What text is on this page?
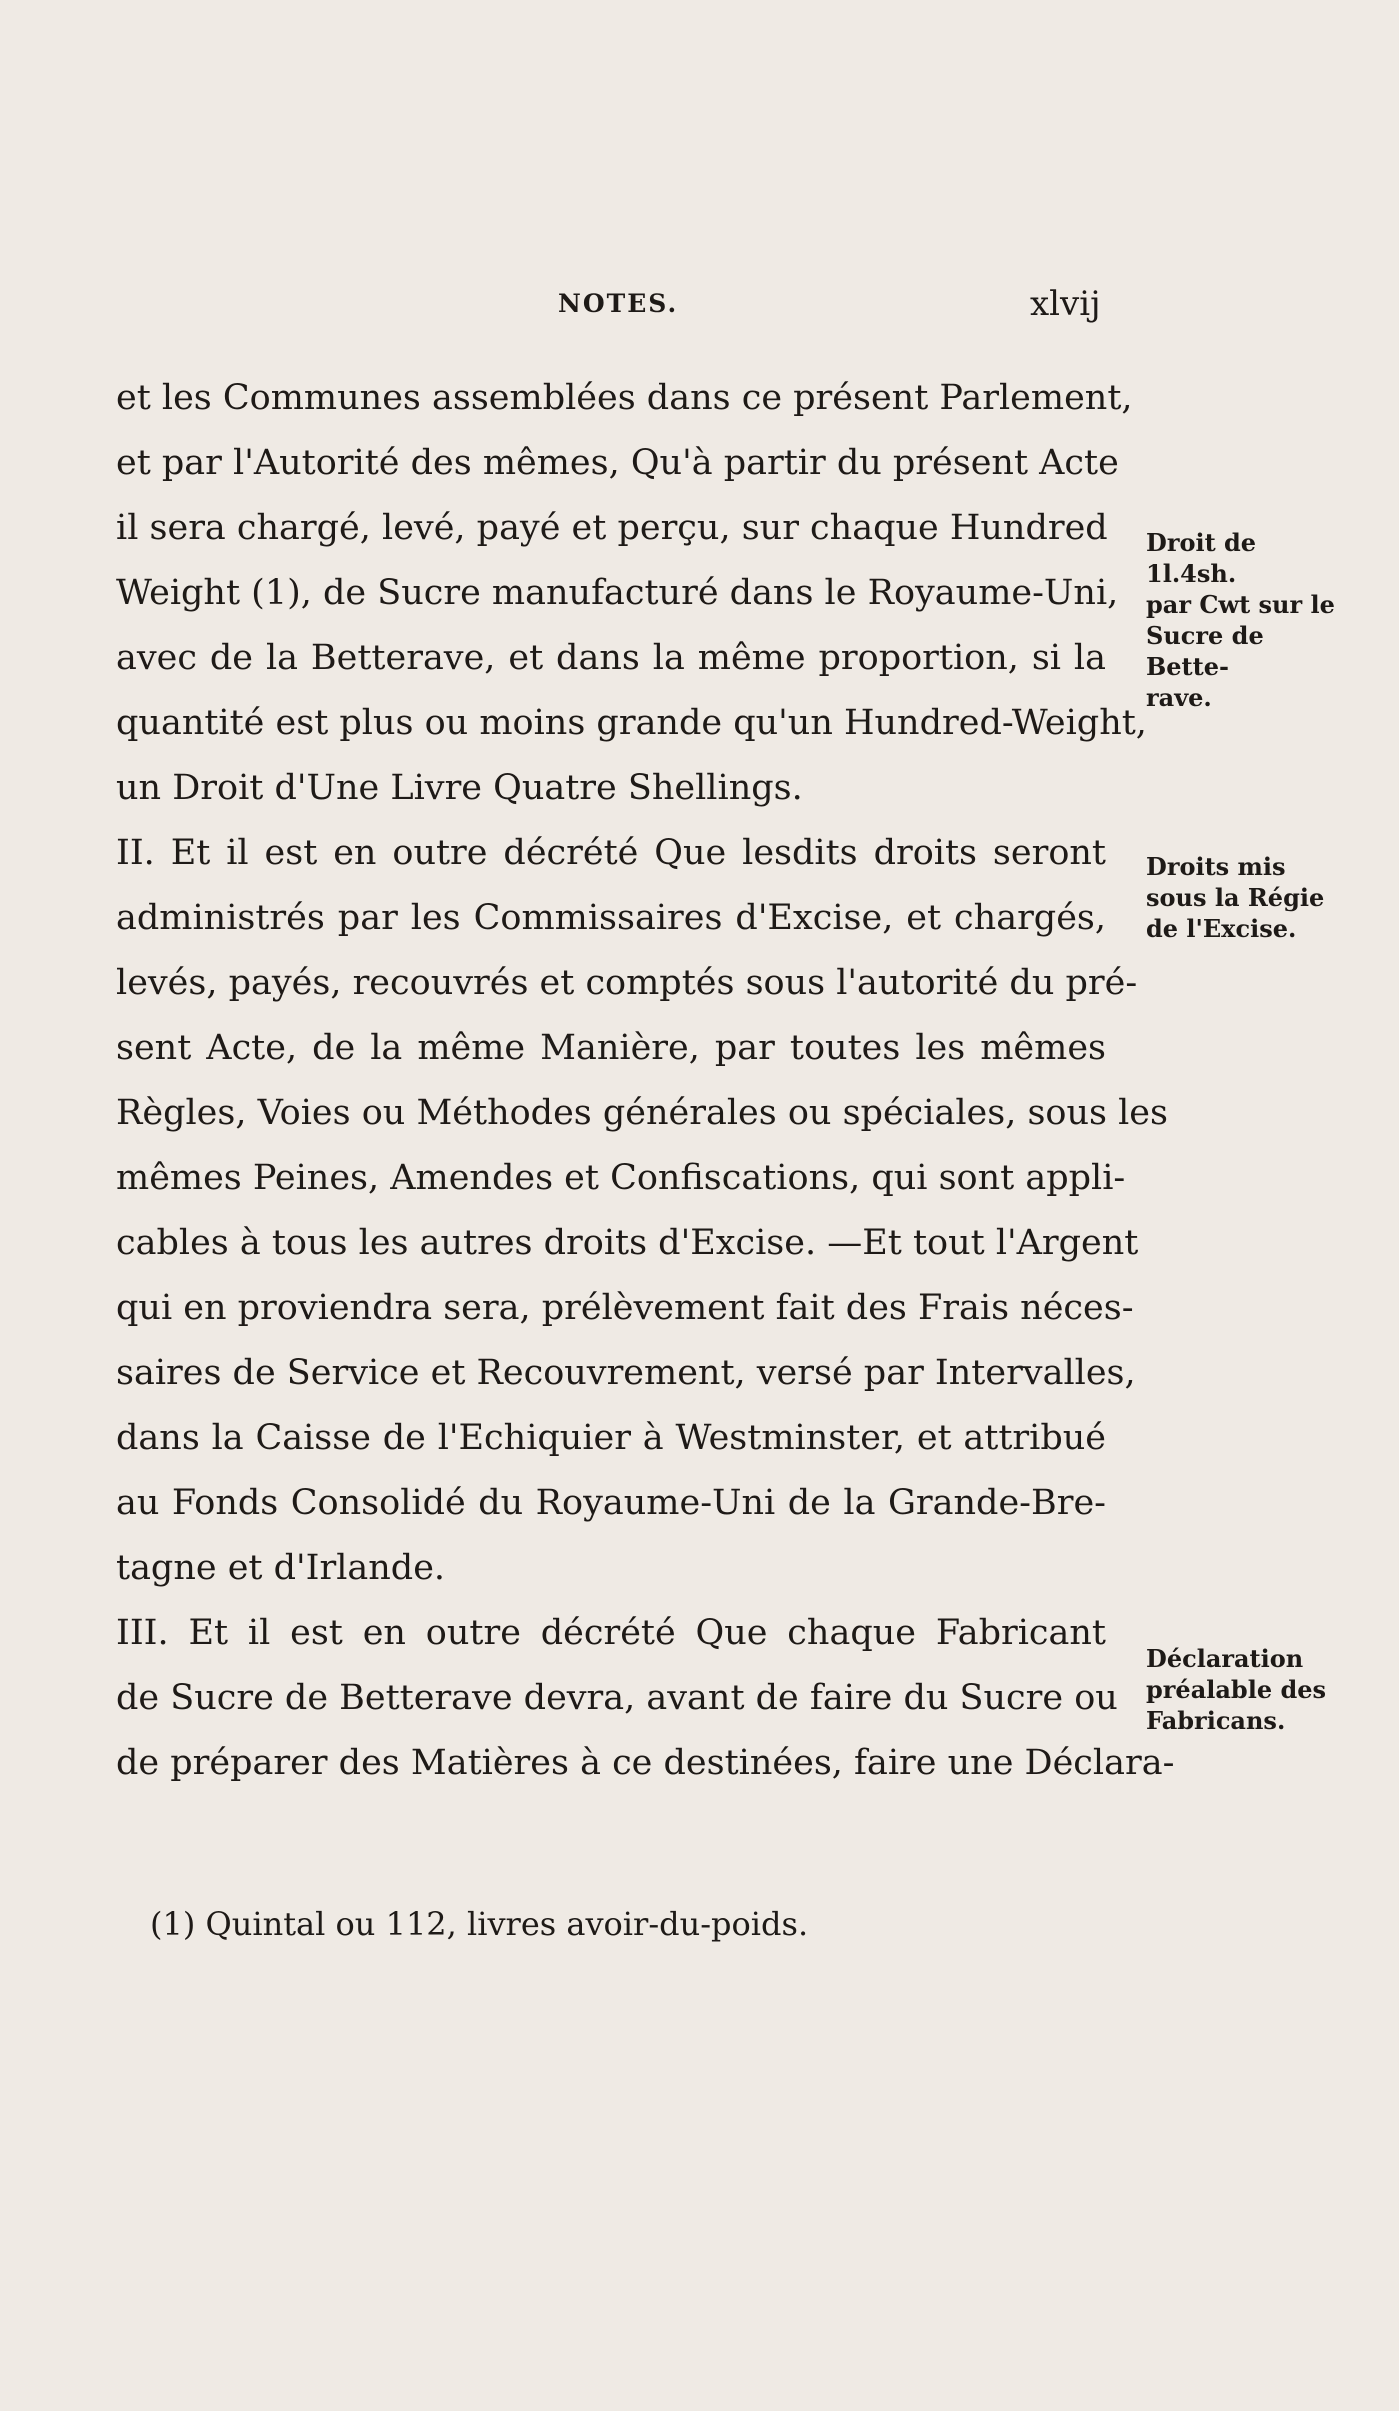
NOTES.	xlvij
et les Communes assemblées dans ce présent Parlement,
et par l'Autorité des mêmes, Qu'à partir du présent Acte
il sera chargé, levé, payé et perçu, sur chaque Hundred
Weight (1), de Sucre manufacturé dans le Royaume-Uni,
avec de la Betterave, et dans la même proportion, si la
quantité est plus ou moins grande qu'un Hundred-Weight,
un Droit d'Une Livre Quatre Shellings.
II. Et il est en outre décrété Que lesdits droits seront
administrés par les Commissaires d'Excise, et chargés,
levés, payés, recouvrés et comptés sous l'autorité du pré-
sent Acte, de la même Manière, par toutes les mêmes
Règles, Voies ou Méthodes générales ou spéciales, sous les
mêmes Peines, Amendes et Confiscations, qui sont appli-
cables à tous les autres droits d'Excise. —Et tout l'Argent
qui en proviendra sera, prélèvement fait des Frais néces-
saires de Service et Recouvrement, versé par Intervalles,
dans la Caisse de l'Echiquier à Westminster, et attribué
au Fonds Consolidé du Royaume-Uni de la Grande-Bre-
tagne et d'Irlande.
III. Et il est en outre décrété Que chaque Fabricant
de Sucre de Betterave devra, avant de faire du Sucre ou
de préparer des Matières à ce destinées, faire une Déclara-
Droit de 1l.4sh.
par Cwt sur le
Sucre de Bette-
rave.
Droits mis
sous la Régie
de l'Excise.
Déclaration
préalable des
Fabricans.
(1) Quintal ou 112, livres avoir-du-poids.
